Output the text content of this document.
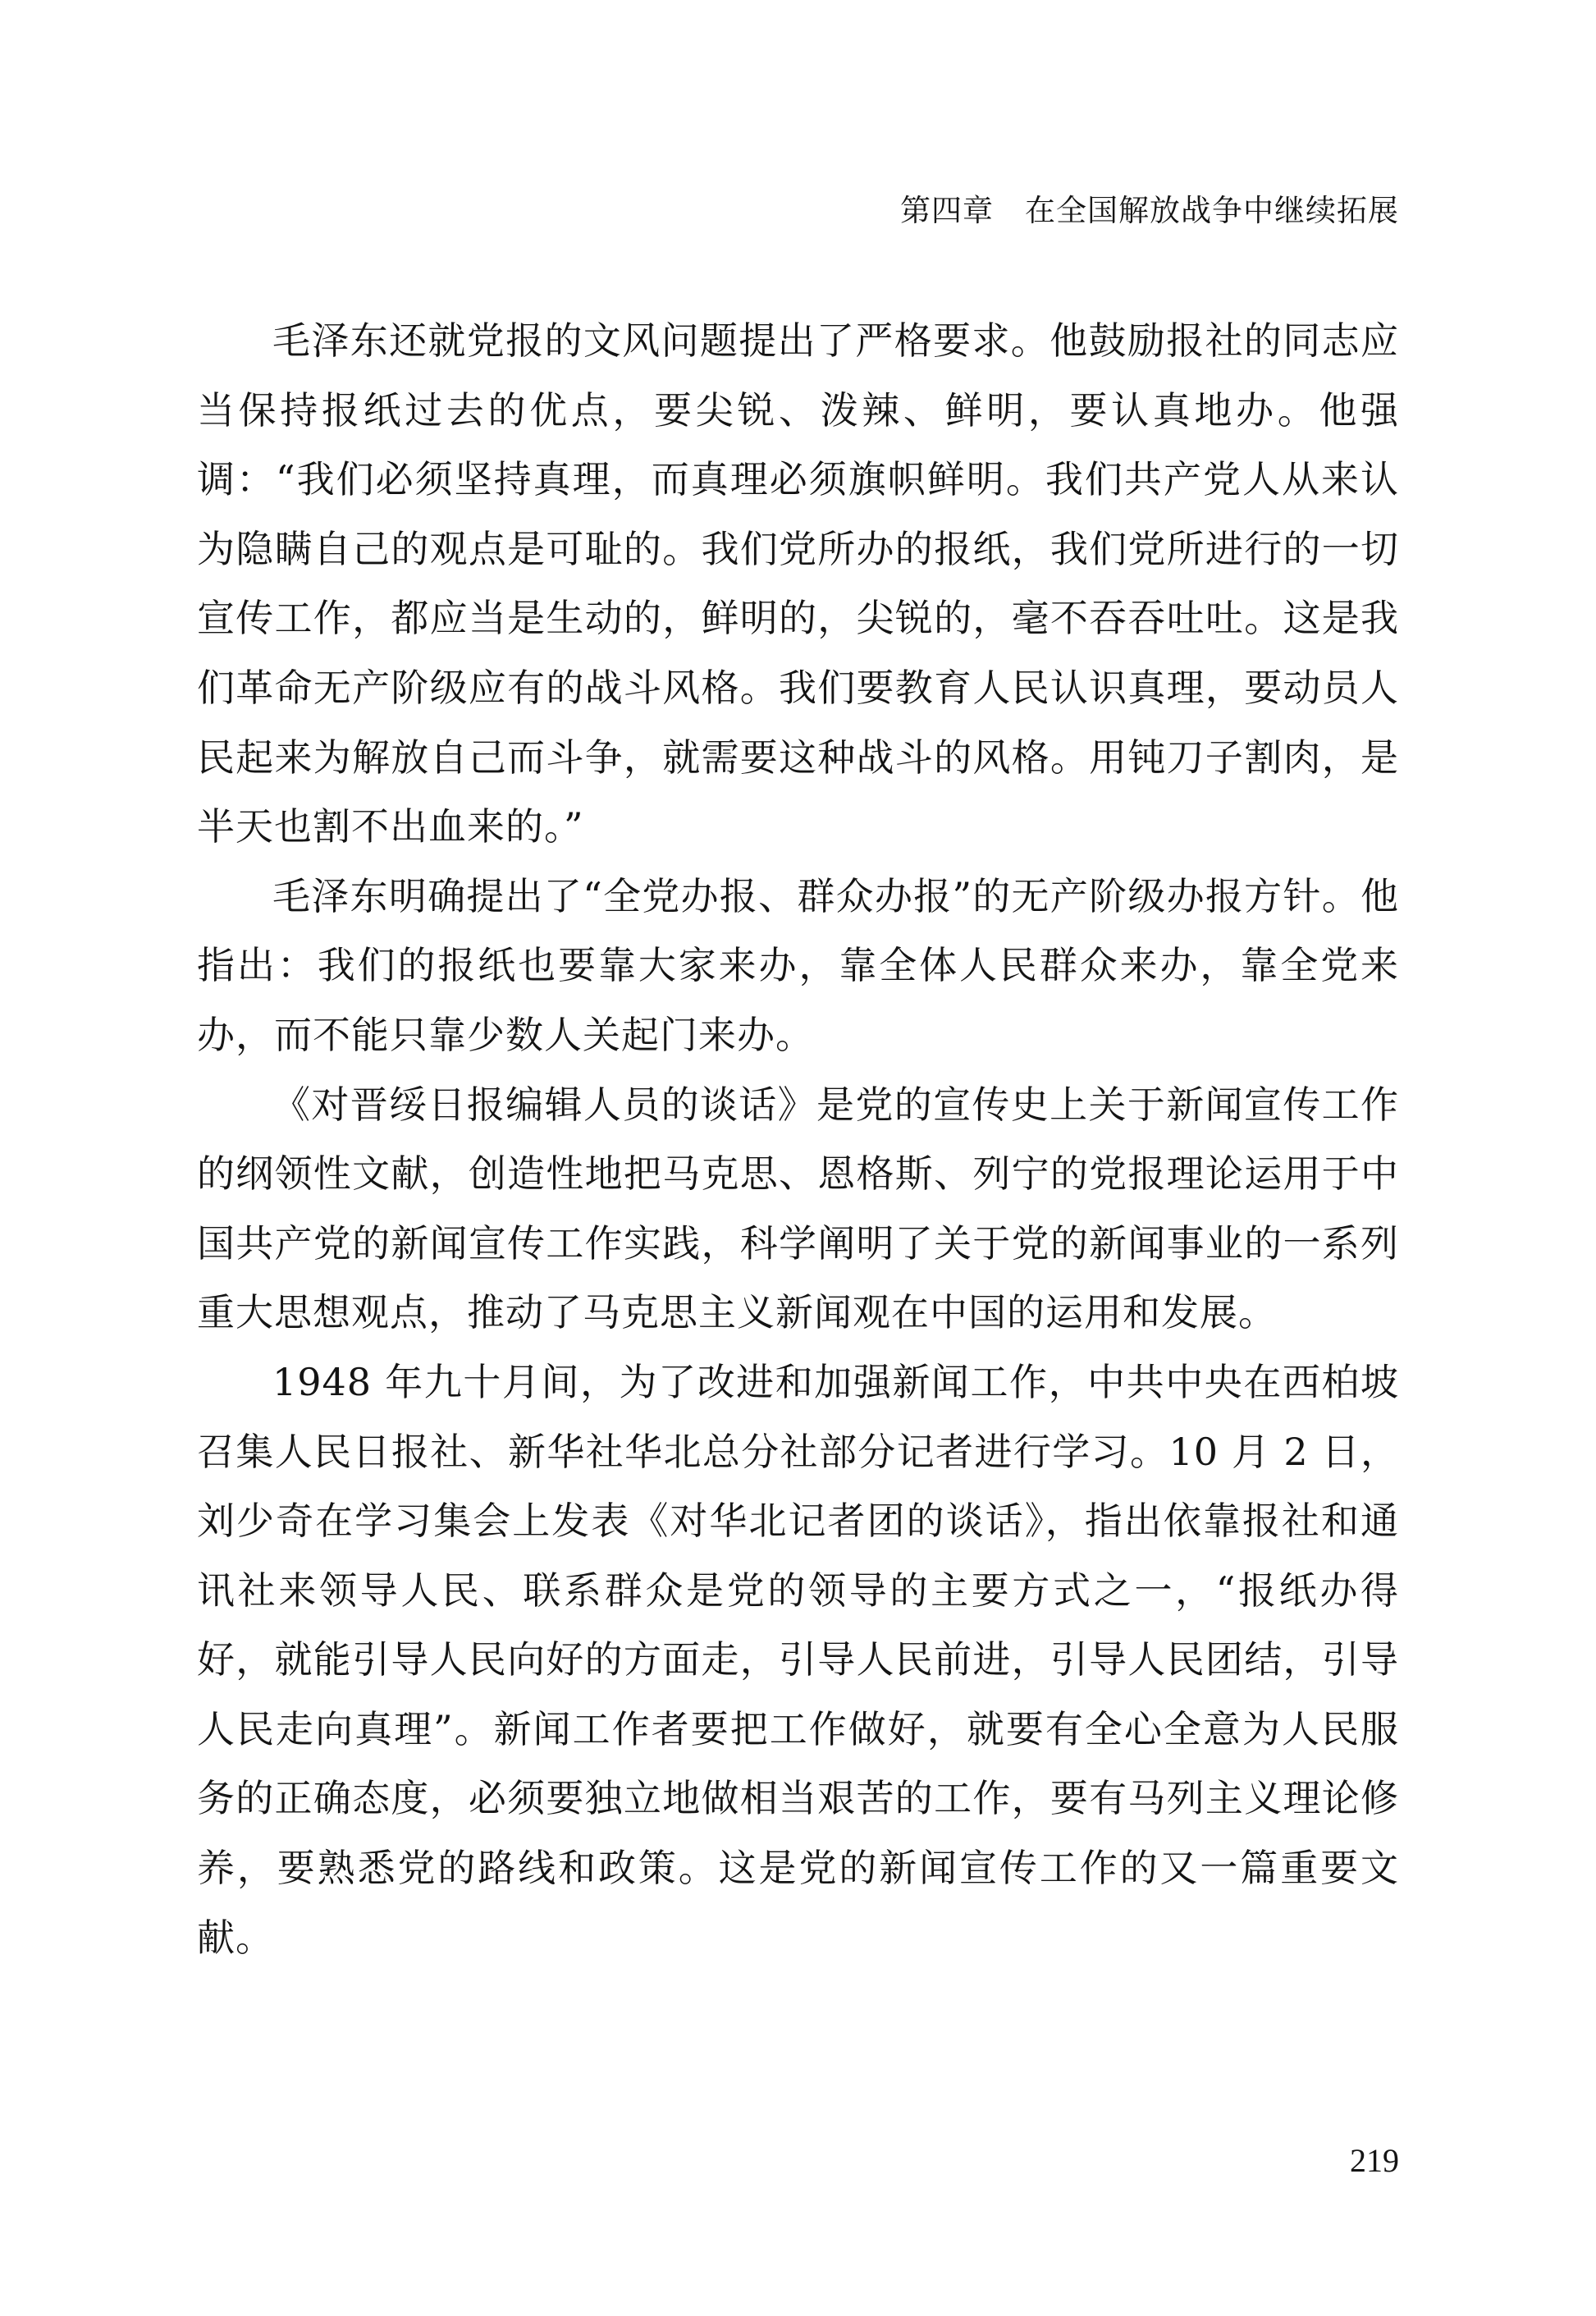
第四章 在全国解放战争中继续拓展

毛泽东还就党报的文风问题提出了严格要求。他鼓励报社的同志应当保持报纸过去的优点，要尖锐、泼辣、鲜明，要认真地办。他强调：“我们必须坚持真理，而真理必须旗帜鲜明。我们共产党人从来认为隐瞒自己的观点是可耻的。我们党所办的报纸，我们党所进行的一切宣传工作，都应当是生动的，鲜明的，尖锐的，毫不吞吞吐吐。这是我们革命无产阶级应有的战斗风格。我们要教育人民认识真理，要动员人民起来为解放自己而斗争，就需要这种战斗的风格。用钝刀子割肉，是半天也割不出血来的。”

毛泽东明确提出了“全党办报、群众办报”的无产阶级办报方针。他指出：我们的报纸也要靠大家来办，靠全体人民群众来办，靠全党来办，而不能只靠少数人关起门来办。

《对晋绥日报编辑人员的谈话》是党的宣传史上关于新闻宣传工作的纲领性文献，创造性地把马克思、恩格斯、列宁的党报理论运用于中国共产党的新闻宣传工作实践，科学阐明了关于党的新闻事业的一系列重大思想观点，推动了马克思主义新闻观在中国的运用和发展。

1948 年九十月间，为了改进和加强新闻工作，中共中央在西柏坡召集人民日报社、新华社华北总分社部分记者进行学习。10 月 2 日，刘少奇在学习集会上发表《对华北记者团的谈话》，指出依靠报社和通讯社来领导人民、联系群众是党的领导的主要方式之一，“报纸办得好，就能引导人民向好的方面走，引导人民前进，引导人民团结，引导人民走向真理”。新闻工作者要把工作做好，就要有全心全意为人民服务的正确态度，必须要独立地做相当艰苦的工作，要有马列主义理论修养，要熟悉党的路线和政策。这是党的新闻宣传工作的又一篇重要文献。

219
